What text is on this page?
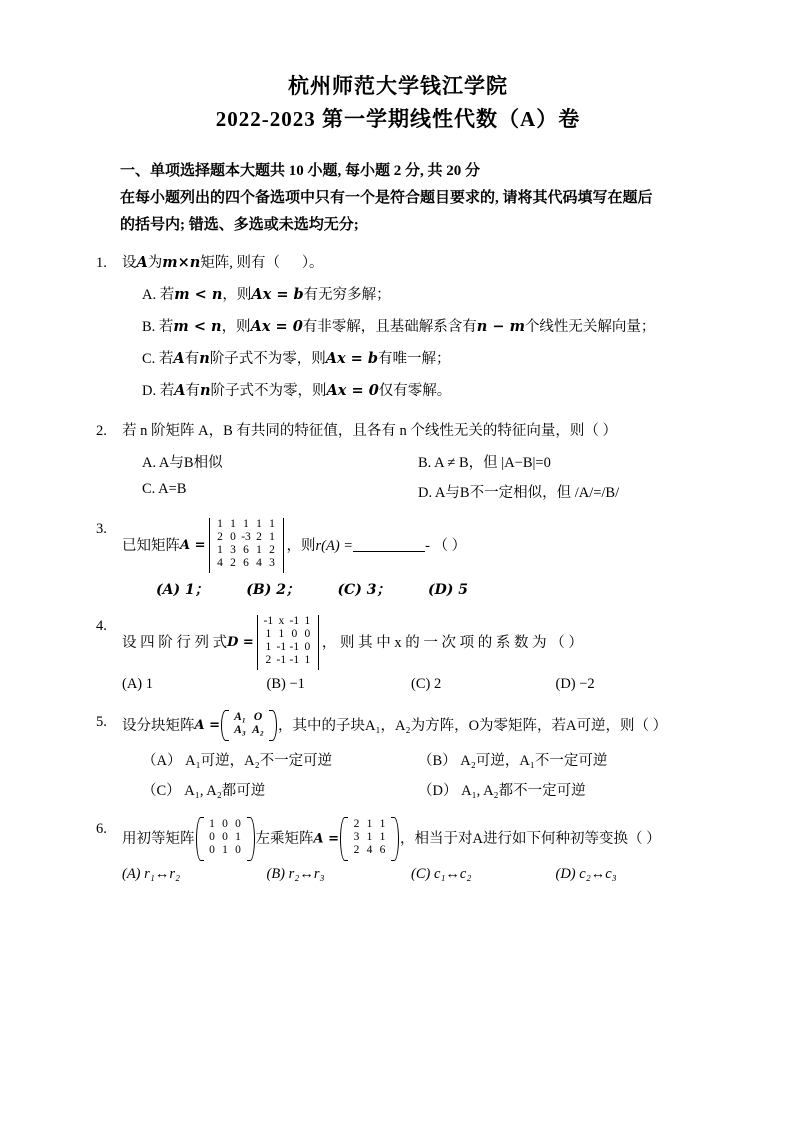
杭州师范大学钱江学院
2022-2023 第一学期线性代数（A）卷
一、单项选择题本大题共 10 小题, 每小题 2 分, 共 20 分
在每小题列出的四个备选项中只有一个是符合题目要求的, 请将其代码填写在题后
的括号内; 错选、多选或未选均无分;
1.	设A为m×n矩阵, 则有（ ）。
A. 若m < n，则Ax = b有无穷多解；
B. 若m < n，则Ax = 0有非零解，且基础解系含有n − m个线性无关解向量；
C. 若A有n阶子式不为零，则Ax = b有唯一解；
D. 若A有n阶子式不为零，则Ax = 0仅有零解。
2.	若 n 阶矩阵 A，B 有共同的特征值，且各有 n 个线性无关的特征向量，则（ ）
A. A与B相似	B. A ≠ B，但 |A−B|=0
C. A=B	D. A与B不一定相似，但 /A/=/B/
3.
已知矩阵 A =
1 1 1 1 1
2 0 -3 2 1
1 3 6 1 2
4 2 6 4 3
，则 r(A) =	- （ ）
(A) 1；	(B) 2；	(C) 3；	(D) 5
4.
设 四 阶 行 列 式 D =
-1 x -1 1
1 1 0 0
1 -1 -1 0
2 -1 -1 1
， 则 其 中 x 的 一 次 项 的 系 数 为 （ ）
(A) 1	(B) −1	(C) 2	(D) −2
5.	设分块矩阵 A =
A₁ O
A₃ A₂ ，其中的子块A₁，A₂为方阵，O为零矩阵，若A可逆，则（ ）
（A） A₁可逆，A₂不一定可逆	（B） A₂可逆，A₁不一定可逆
（C） A₁, A₂都可逆	（D） A₁, A₂都不一定可逆
6.
用初等矩阵
1 0 0
0 0 1
0 1 0
左乘矩阵 A =
2 1 1
3 1 1
2 4 6
，相当于对A进行如下何种初等变换（ ）
(A) r₁↔r₂	(B) r₂↔r₃	(C) c₁↔c₂	(D) c₂↔c₃
